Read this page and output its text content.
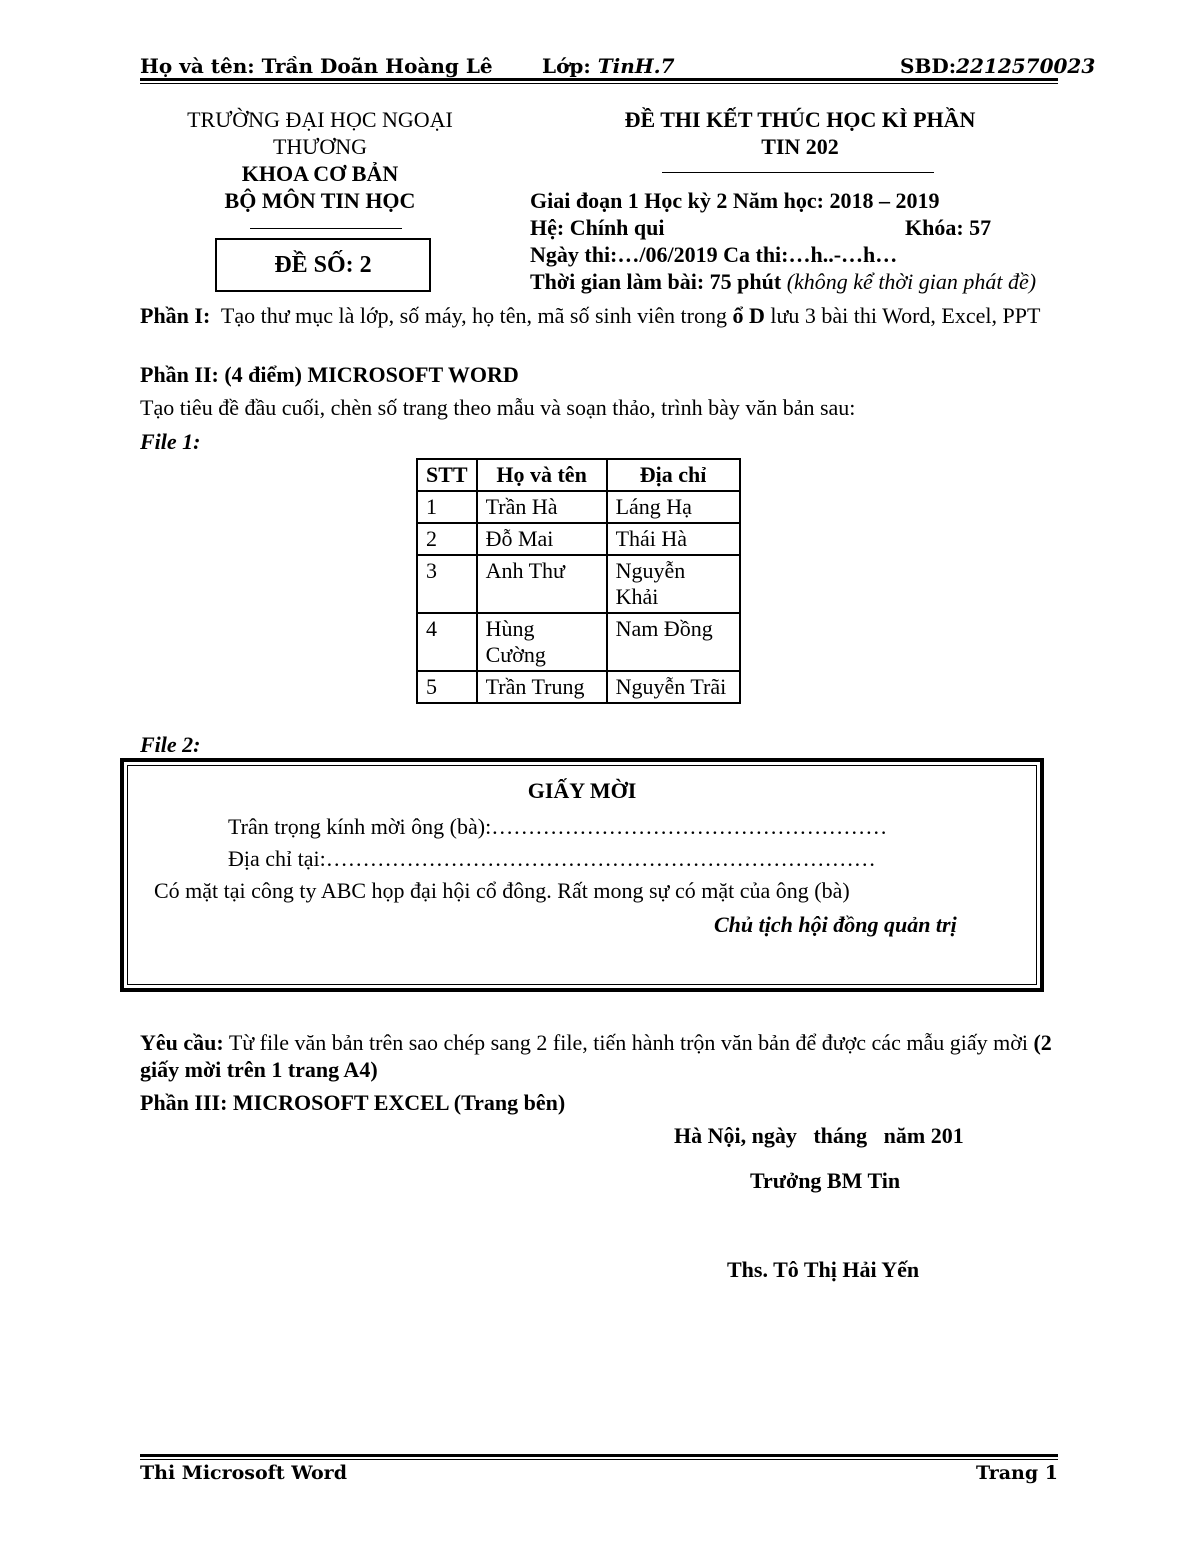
Họ và tên: Trần Doãn Hoàng Lê Lớp: TinH.7	SBD:2212570023
TRƯỜNG ĐẠI HỌC NGOẠI
THƯƠNG
KHOA CƠ BẢN
BỘ MÔN TIN HỌC
ĐỀ SỐ: 2
ĐỀ THI KẾT THÚC HỌC KÌ PHẦN
TIN 202
Giai đoạn 1 Học kỳ 2 Năm học: 2018 – 2019
Hệ: Chính qui	Khóa: 57
Ngày thi:…/06/2019 Ca thi:…h..-…h…
Thời gian làm bài: 75 phút (không kể thời gian phát đề)
Phần I: Tạo thư mục là lớp, số máy, họ tên, mã số sinh viên trong ổ D lưu 3 bài thi Word, Excel, PPT
Phần II: (4 điểm) MICROSOFT WORD
Tạo tiêu đề đầu cuối, chèn số trang theo mẫu và soạn thảo, trình bày văn bản sau:
File 1:
STT	Họ và tên	Địa chỉ
1	Trần Hà	Láng Hạ
2	Đỗ Mai	Thái Hà
3	Anh Thư	Nguyễn Khải
4	Hùng Cường	Nam Đồng
5	Trần Trung	Nguyễn Trãi
File 2:
GIẤY MỜI
Trân trọng kính mời ông (bà):………………………………………………
Địa chỉ tại:…………………………………………………………………
Có mặt tại công ty ABC họp đại hội cổ đông. Rất mong sự có mặt của ông (bà)
Chủ tịch hội đồng quản trị
Yêu cầu: Từ file văn bản trên sao chép sang 2 file, tiến hành trộn văn bản để được các mẫu giấy mời (2 giấy mời trên 1 trang A4)
Phần III: MICROSOFT EXCEL (Trang bên)
Hà Nội, ngày   tháng   năm 201
Trưởng BM Tin
Ths. Tô Thị Hải Yến
Thi Microsoft Word	Trang 1
